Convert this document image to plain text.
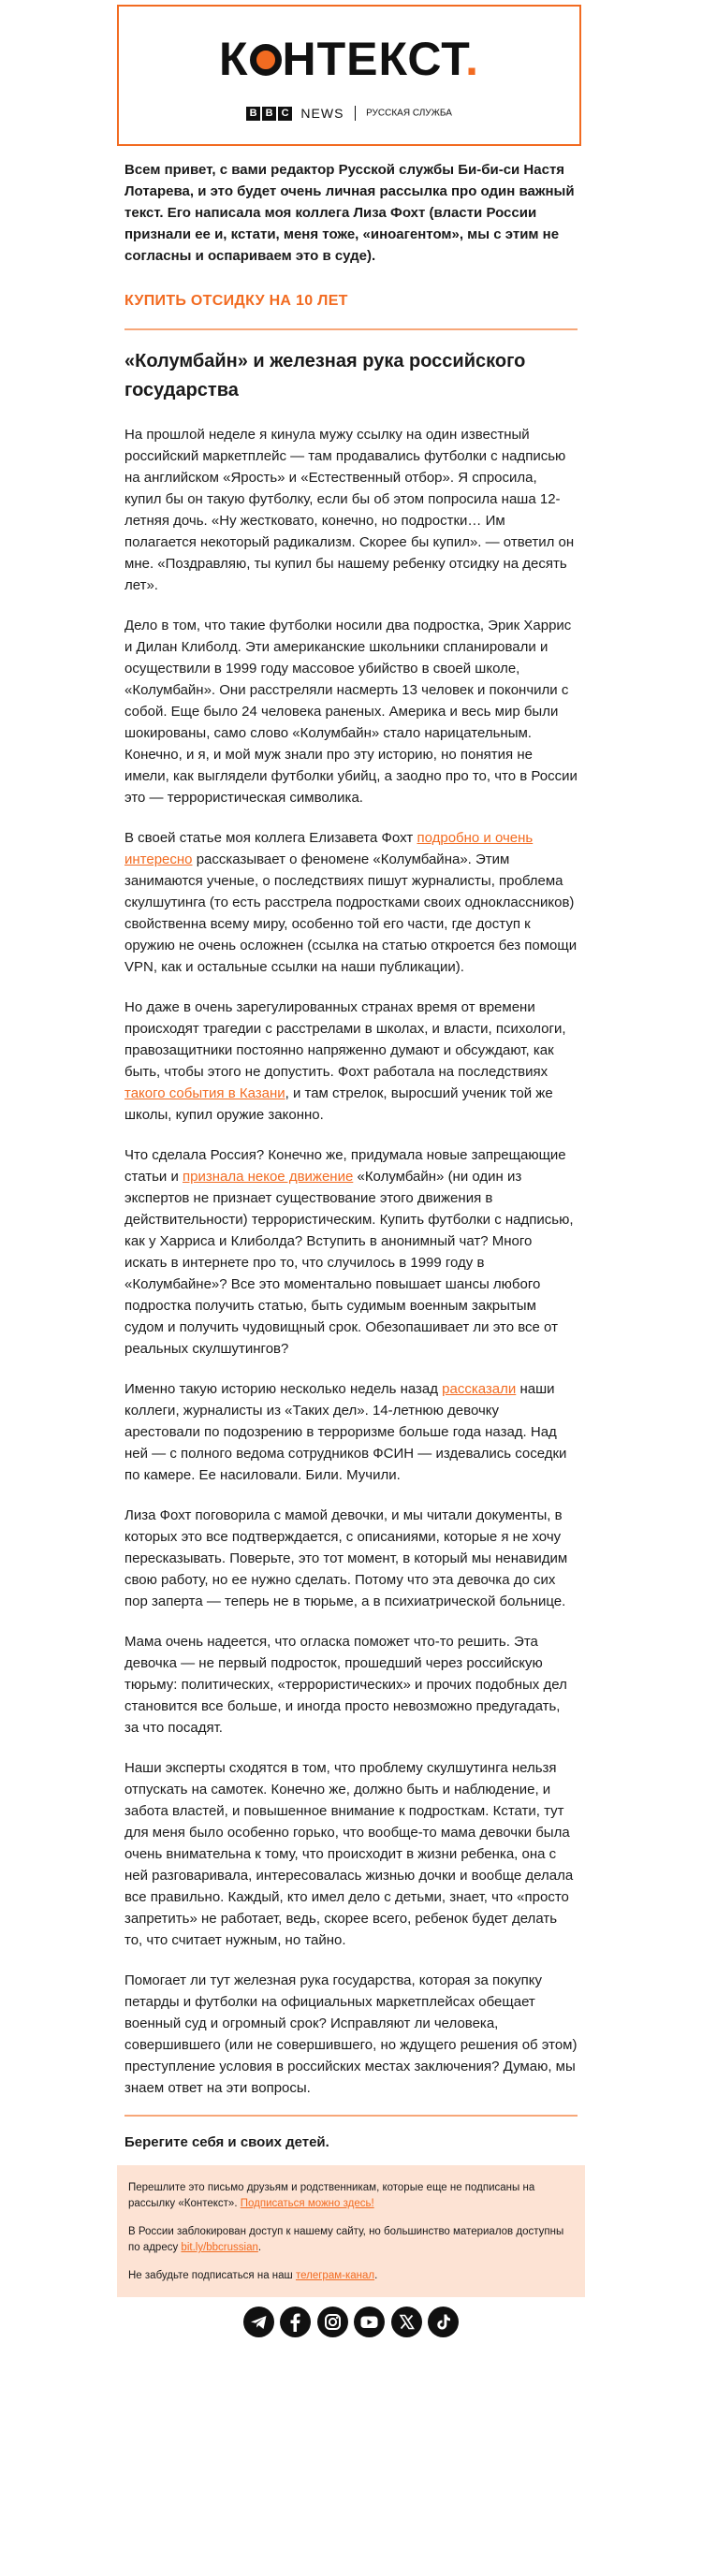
К НТЕКСТ.
B B C NEWS РУССКАЯ СЛУЖБА
Всем привет, с вами редактор Русской службы Би-би-си Настя Лотарева, и это будет очень личная рассылка про один важный текст. Его написала моя коллега Лиза Фохт (власти России признали ее и, кстати, меня тоже, «иноагентом», мы с этим не согласны и оспариваем это в суде).
КУПИТЬ ОТСИДКУ НА 10 ЛЕТ
«Колумбайн» и железная рука российского государства
На прошлой неделе я кинула мужу ссылку на один известный российский маркетплейс — там продавались футболки с надписью на английском «Ярость» и «Естественный отбор». Я спросила, купил бы он такую футболку, если бы об этом попросила наша 12-летняя дочь. «Ну жестковато, конечно, но подростки… Им полагается некоторый радикализм. Скорее бы купил». — ответил он мне. «Поздравляю, ты купил бы нашему ребенку отсидку на десять лет».
Дело в том, что такие футболки носили два подростка, Эрик Харрис и Дилан Клиболд. Эти американские школьники спланировали и осуществили в 1999 году массовое убийство в своей школе, «Колумбайн». Они расстреляли насмерть 13 человек и покончили с собой. Еще было 24 человека раненых. Америка и весь мир были шокированы, само слово «Колумбайн» стало нарицательным. Конечно, и я, и мой муж знали про эту историю, но понятия не имели, как выглядели футболки убийц, а заодно про то, что в России это — террористическая символика.
В своей статье моя коллега Елизавета Фохт подробно и очень интересно рассказывает о феномене «Колумбайна». Этим занимаются ученые, о последствиях пишут журналисты, проблема скулшутинга (то есть расстрела подростками своих одноклассников) свойственна всему миру, особенно той его части, где доступ к оружию не очень осложнен (ссылка на статью откроется без помощи VPN, как и остальные ссылки на наши публикации).
Но даже в очень зарегулированных странах время от времени происходят трагедии с расстрелами в школах, и власти, психологи, правозащитники постоянно напряженно думают и обсуждают, как быть, чтобы этого не допустить. Фохт работала на последствиях такого события в Казани, и там стрелок, выросший ученик той же школы, купил оружие законно.
Что сделала Россия? Конечно же, придумала новые запрещающие статьи и признала некое движение «Колумбайн» (ни один из экспертов не признает существование этого движения в действительности) террористическим. Купить футболки с надписью, как у Харриса и Клиболда? Вступить в анонимный чат? Много искать в интернете про то, что случилось в 1999 году в «Колумбайне»? Все это моментально повышает шансы любого подростка получить статью, быть судимым военным закрытым судом и получить чудовищный срок. Обезопашивает ли это все от реальных скулшутингов?
Именно такую историю несколько недель назад рассказали наши коллеги, журналисты из «Таких дел». 14-летнюю девочку арестовали по подозрению в терроризме больше года назад. Над ней — с полного ведома сотрудников ФСИН — издевались соседки по камере. Ее насиловали. Били. Мучили.
Лиза Фохт поговорила с мамой девочки, и мы читали документы, в которых это все подтверждается, с описаниями, которые я не хочу пересказывать. Поверьте, это тот момент, в который мы ненавидим свою работу, но ее нужно сделать. Потому что эта девочка до сих пор заперта — теперь не в тюрьме, а в психиатрической больнице.
Мама очень надеется, что огласка поможет что-то решить. Эта девочка — не первый подросток, прошедший через российскую тюрьму: политических, «террористических» и прочих подобных дел становится все больше, и иногда просто невозможно предугадать, за что посадят.
Наши эксперты сходятся в том, что проблему скулшутинга нельзя отпускать на самотек. Конечно же, должно быть и наблюдение, и забота властей, и повышенное внимание к подросткам. Кстати, тут для меня было особенно горько, что вообще-то мама девочки была очень внимательна к тому, что происходит в жизни ребенка, она с ней разговаривала, интересовалась жизнью дочки и вообще делала все правильно. Каждый, кто имел дело с детьми, знает, что «просто запретить» не работает, ведь, скорее всего, ребенок будет делать то, что считает нужным, но тайно.
Помогает ли тут железная рука государства, которая за покупку петарды и футболки на официальных маркетплейсах обещает военный суд и огромный срок? Исправляют ли человека, совершившего (или не совершившего, но ждущего решения об этом) преступление условия в российских местах заключения? Думаю, мы знаем ответ на эти вопросы.
Берегите себя и своих детей.

Перешлите это письмо друзьям и родственникам, которые еще не подписаны на рассылку «Контекст». Подписаться можно здесь!

В России заблокирован доступ к нашему сайту, но большинство материалов доступны по адресу bit.ly/bbcrussian.

Не забудьте подписаться на наш телеграм-канал.
